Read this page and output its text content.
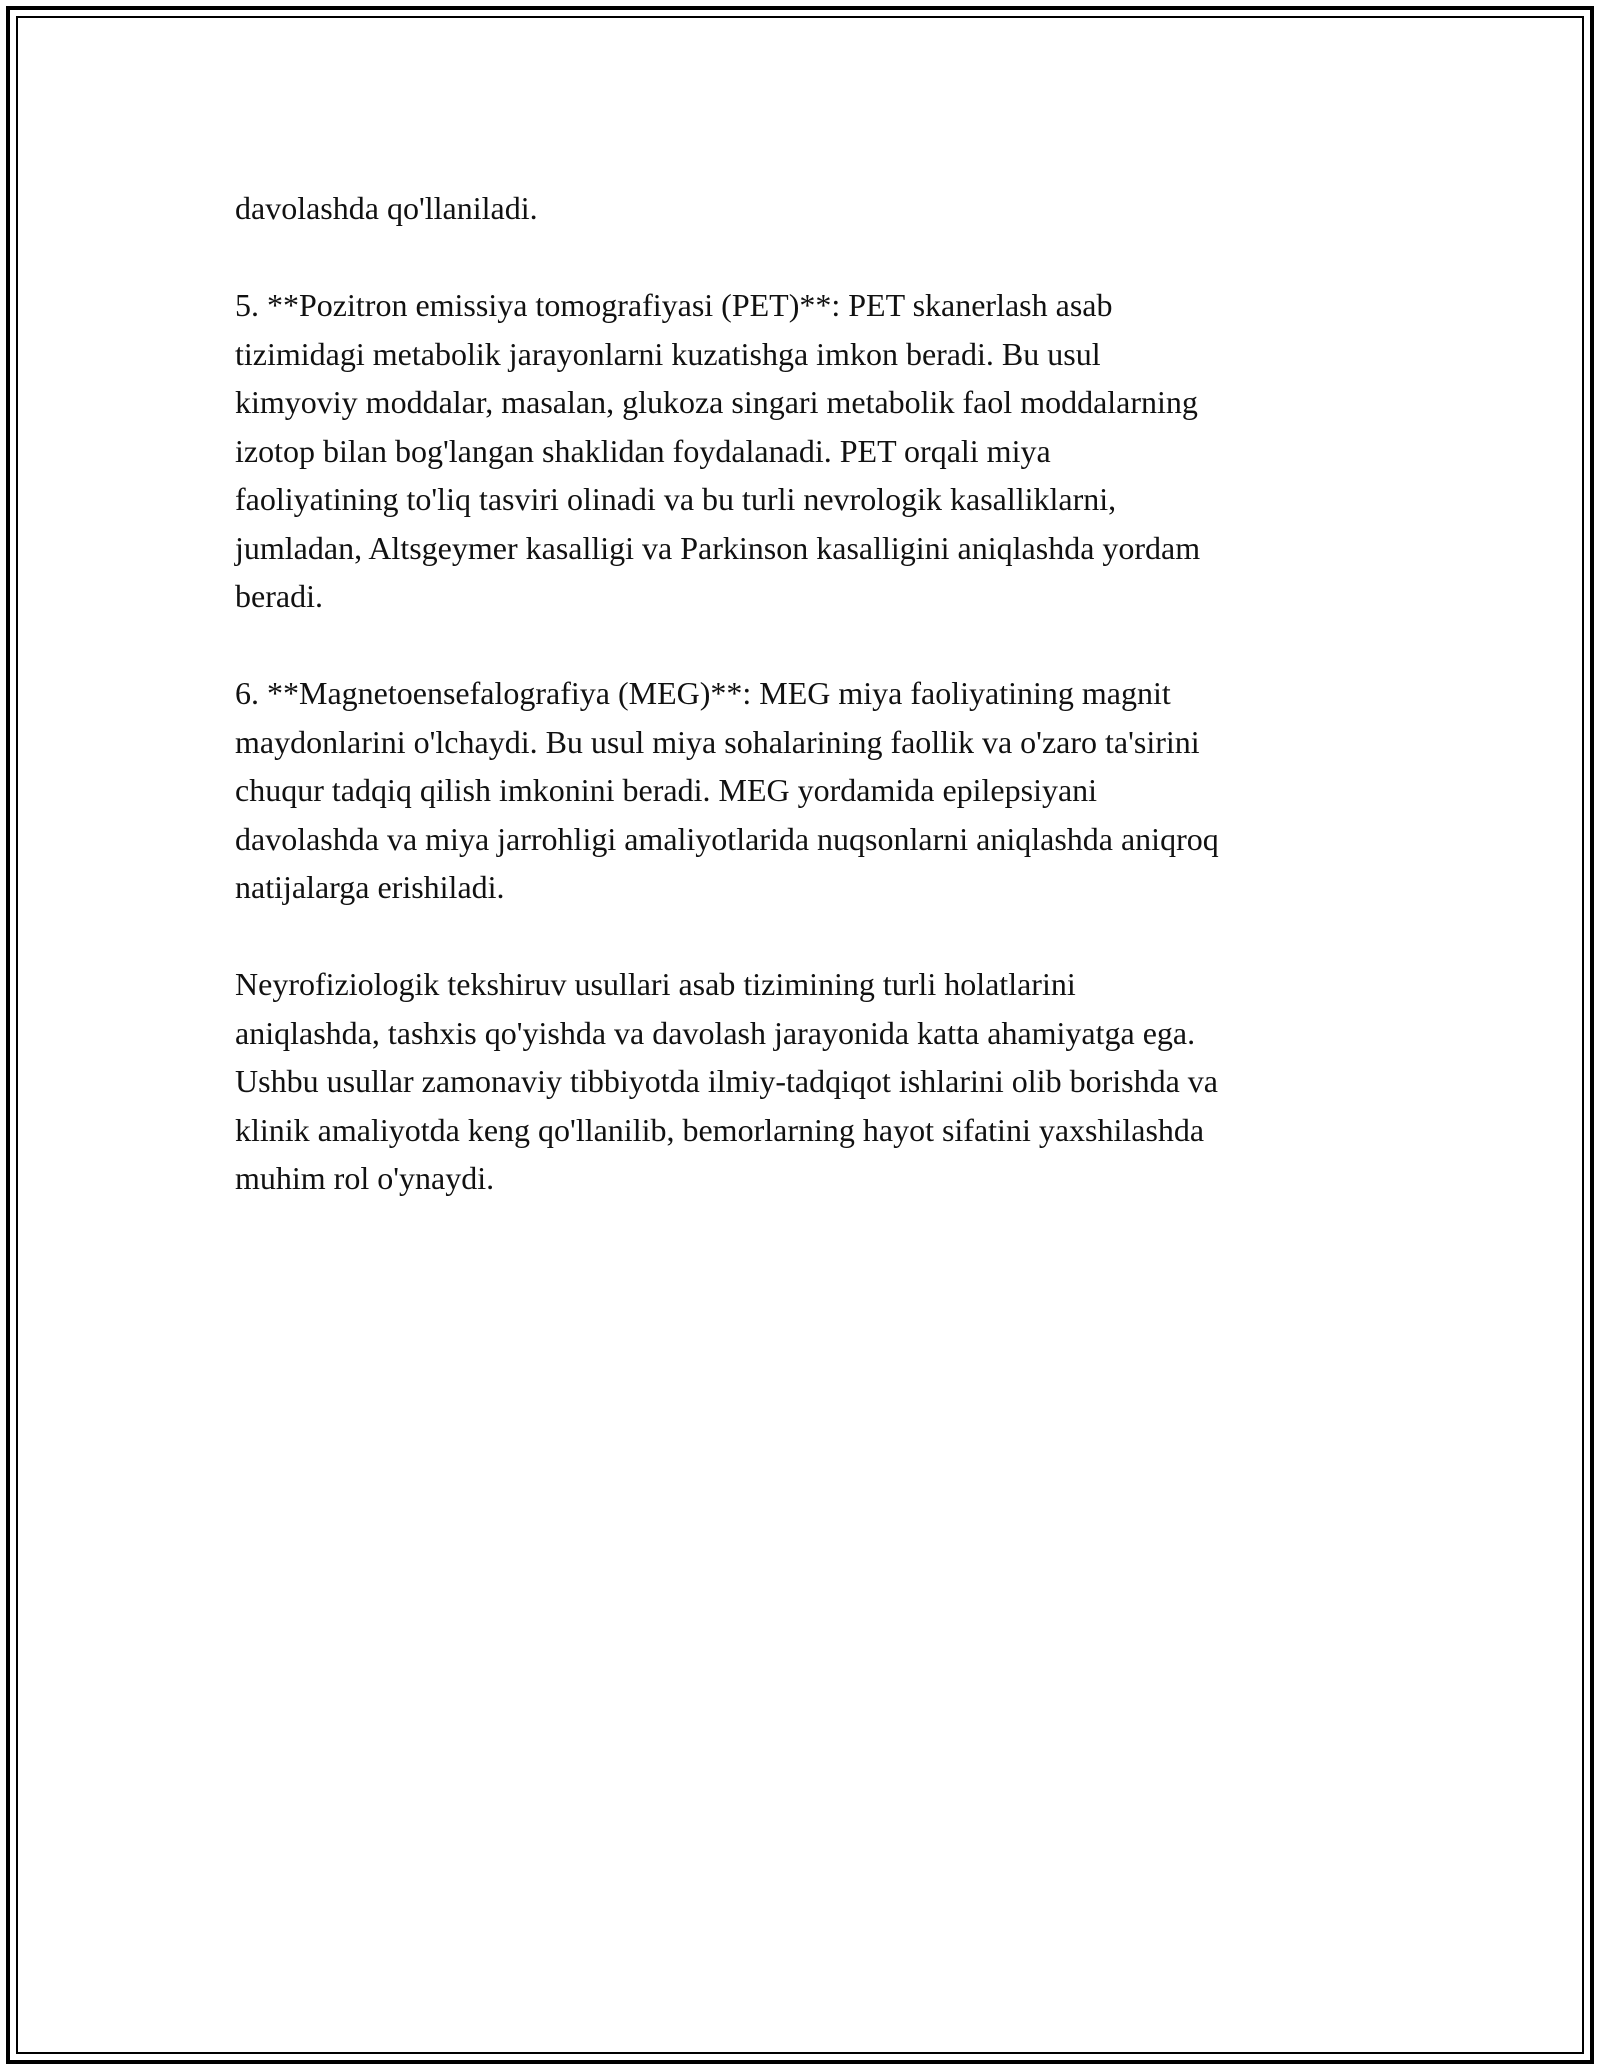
davolashda qo'llaniladi.

5. **Pozitron emissiya tomografiyasi (PET)**: PET skanerlash asab
tizimidagi metabolik jarayonlarni kuzatishga imkon beradi. Bu usul
kimyoviy moddalar, masalan, glukoza singari metabolik faol moddalarning
izotop bilan bog'langan shaklidan foydalanadi. PET orqali miya
faoliyatining to'liq tasviri olinadi va bu turli nevrologik kasalliklarni,
jumladan, Altsgeymer kasalligi va Parkinson kasalligini aniqlashda yordam
beradi.

6. **Magnetoensefalografiya (MEG)**: MEG miya faoliyatining magnit
maydonlarini o'lchaydi. Bu usul miya sohalarining faollik va o'zaro ta'sirini
chuqur tadqiq qilish imkonini beradi. MEG yordamida epilepsiyani
davolashda va miya jarrohligi amaliyotlarida nuqsonlarni aniqlashda aniqroq
natijalarga erishiladi.

Neyrofiziologik tekshiruv usullari asab tizimining turli holatlarini
aniqlashda, tashxis qo'yishda va davolash jarayonida katta ahamiyatga ega.
Ushbu usullar zamonaviy tibbiyotda ilmiy-tadqiqot ishlarini olib borishda va
klinik amaliyotda keng qo'llanilib, bemorlarning hayot sifatini yaxshilashda
muhim rol o'ynaydi.
